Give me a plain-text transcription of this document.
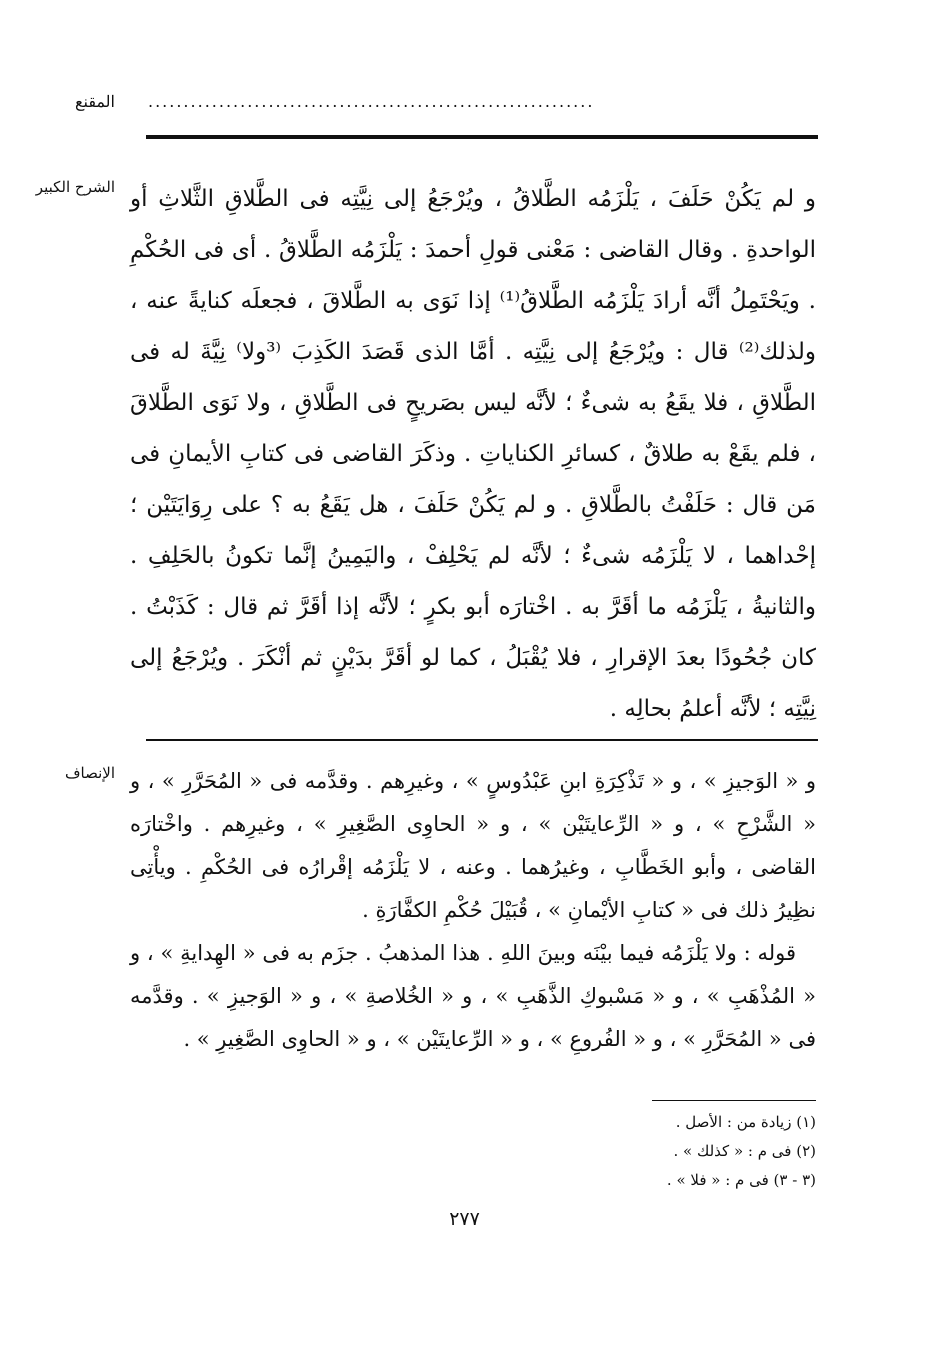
المقنع ...............................................................
الشرح الكبير و لم يَكُنْ حَلَفَ ، يَلْزَمُه الطَّلاقُ ، ويُرْجَعُ إلى نِيَّتِه فى الطَّلاقِ الثَّلاثِ أو الواحدةِ . وقال القاضى : مَعْنى قولِ أحمدَ : يَلْزَمُه الطَّلاقُ . أى فى الحُكْمِ . ويَحْتَمِلُ أنَّه أرادَ يَلْزَمُه الطَّلاقُ⁽¹⁾ إذا نَوَى به الطَّلاقَ ، فجعلَه كنايةً عنه ، ولذلك⁽²⁾ قال : ويُرْجَعُ إلى نِيَّتِه . أمَّا الذى قَصَدَ الكَذِبَ ⁽³ولا⁾ نِيَّةَ له فى الطَّلاقِ ، فلا يقَعُ به شىءٌ ؛ لأنَّه ليس بصَريحٍ فى الطَّلاقِ ، ولا نَوَى الطَّلاقَ ، فلم يقَعْ به طلاقٌ ، كسائرِ الكناياتِ . وذكَرَ القاضى فى كتابِ الأيمانِ فى مَن قال : حَلَفْتُ بالطَّلاقِ . و لم يَكُنْ حَلَفَ ، هل يَقَعُ به ؟ على رِوَايَتَيْن ؛ إحْداهما ، لا يَلْزَمُه شىءٌ ؛ لأنَّه لم يَحْلِفْ ، واليَمِينُ إنَّما تكونُ بالحَلِفِ . والثانيةُ ، يَلْزَمُه ما أقَرَّ به . اخْتارَه أبو بكرٍ ؛ لأنَّه إذا أقَرَّ ثم قال : كَذَبْتُ . كان جُحُودًا بعدَ الإقرارِ ، فلا يُقْبَلُ ، كما لو أقَرَّ بدَيْنٍ ثم أنْكَرَ . ويُرْجَعُ إلى نِيَّتِه ؛ لأنَّه أعلمُ بحالِه .

الإنصاف و « الوَجيزِ » ، و « تَذْكِرَةِ ابنِ عَبْدُوسٍ » ، وغيرِهم . وقدَّمه فى « المُحَرَّرِ » ، و « الشَّرْحِ » ، و « الرِّعايتَيْن » ، و « الحاوِى الصَّغِيرِ » ، وغيرِهم . واخْتارَه القاضى ، وأبو الخَطَّابِ ، وغيرُهما . وعنه ، لا يَلْزَمُه إقْرارُه فى الحُكْمِ . ويأْتِى نظِيرُ ذلك فى « كتابِ الأيْمانِ » ، قُبَيْلَ حُكْمِ الكفَّارَةِ .

قوله : ولا يَلْزَمُه فيما بيْنَه وبينَ اللهِ . هذا المذهبُ . جزَم به فى « الهِدايةِ » ، و « المُذْهَبِ » ، و « مَسْبوكِ الذَّهَبِ » ، و « الخُلاصةِ » ، و « الوَجيزِ » . وقدَّمه فى « المُحَرَّرِ » ، و « الفُروعِ » ، و « الرِّعايتَيْن » ، و « الحاوِى الصَّغِيرِ » .

(١) زيادة من : الأصل .
(٢) فى م : « كذلك » .
(٣ - ٣) فى م : « فلا » .
٢٧٧
